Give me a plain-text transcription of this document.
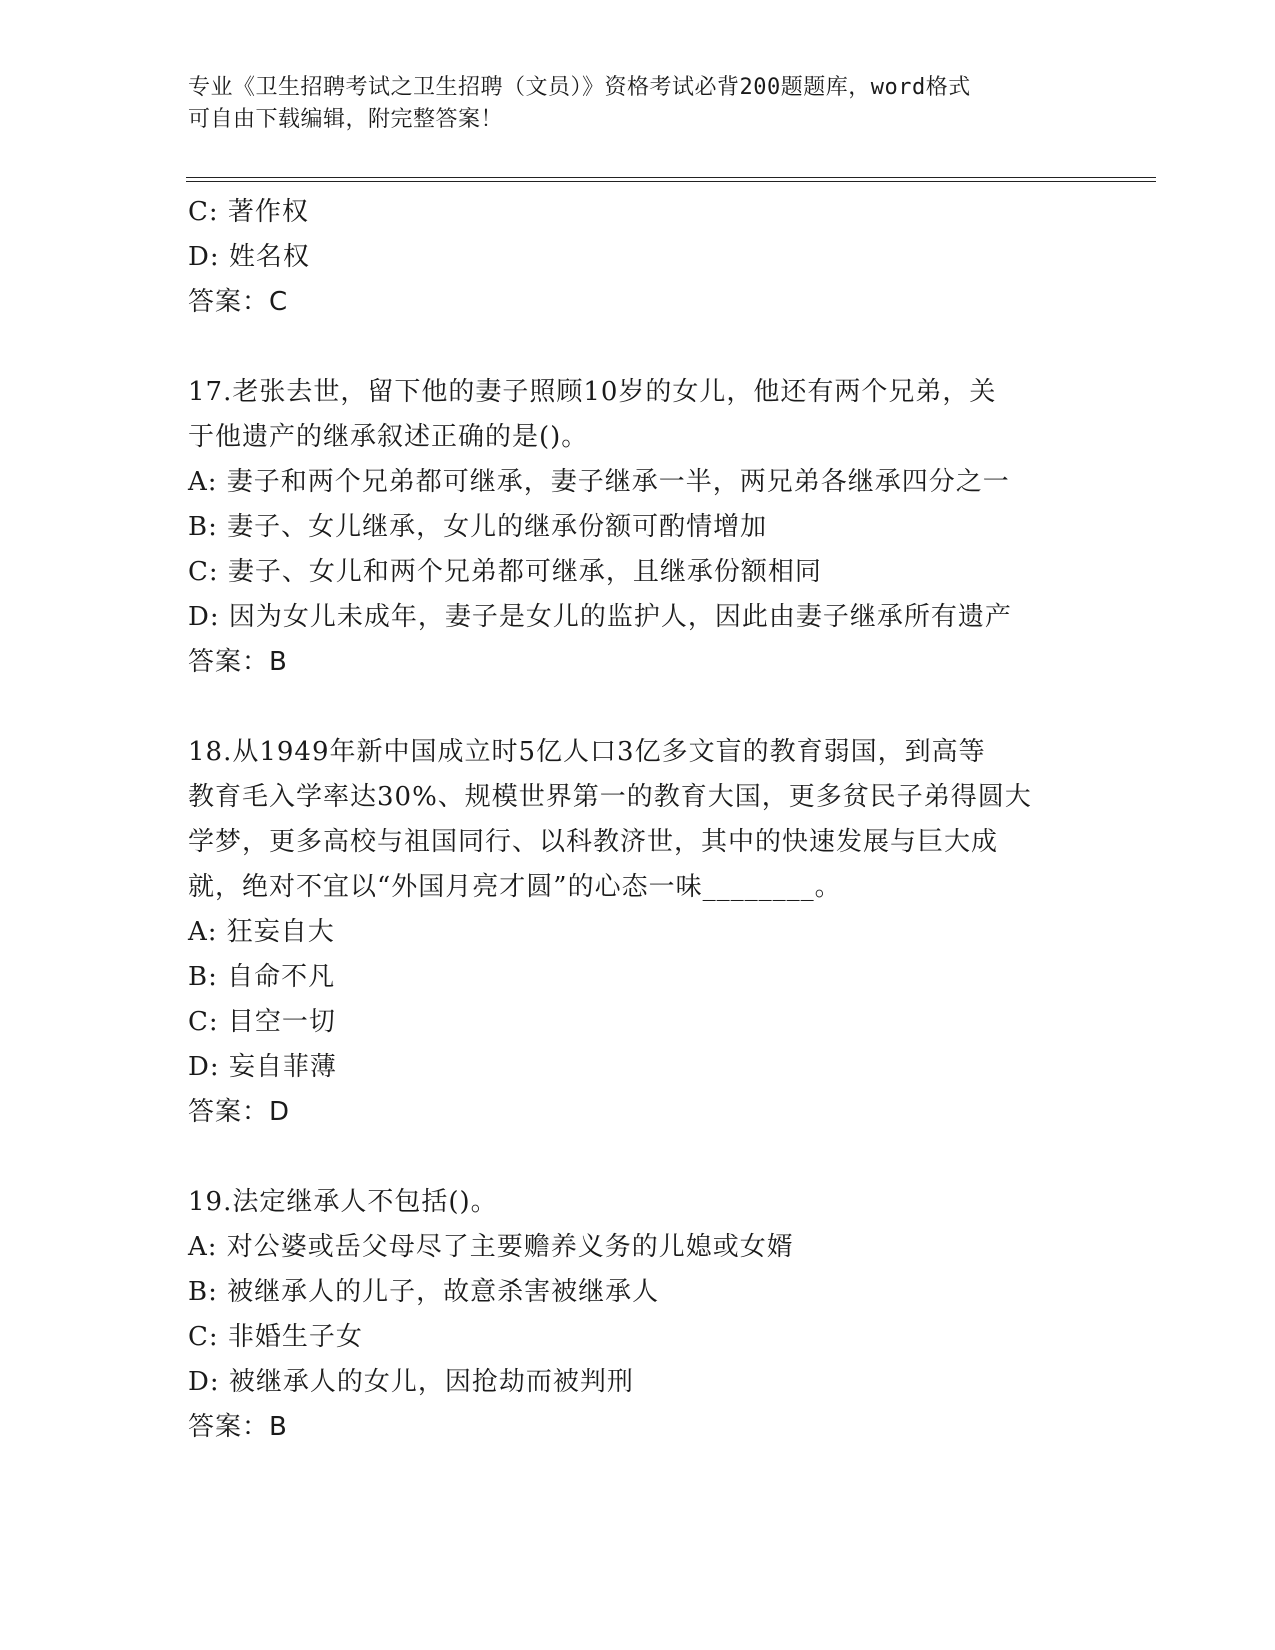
专业《卫生招聘考试之卫生招聘（文员）》资格考试必背200题题库，word格式
可自由下载编辑，附完整答案！
C: 著作权
D: 姓名权
答案：C
17.老张去世，留下他的妻子照顾10岁的女儿，他还有两个兄弟，关
于他遗产的继承叙述正确的是()。
A: 妻子和两个兄弟都可继承，妻子继承一半，两兄弟各继承四分之一
B: 妻子、女儿继承，女儿的继承份额可酌情增加
C: 妻子、女儿和两个兄弟都可继承，且继承份额相同
D: 因为女儿未成年，妻子是女儿的监护人，因此由妻子继承所有遗产
答案：B
18.从1949年新中国成立时5亿人口3亿多文盲的教育弱国，到高等
教育毛入学率达30%、规模世界第一的教育大国，更多贫民子弟得圆大
学梦，更多高校与祖国同行、以科教济世，其中的快速发展与巨大成
就，绝对不宜以“外国月亮才圆”的心态一味________。
A: 狂妄自大
B: 自命不凡
C: 目空一切
D: 妄自菲薄
答案：D
19.法定继承人不包括()。
A: 对公婆或岳父母尽了主要赡养义务的儿媳或女婿
B: 被继承人的儿子，故意杀害被继承人
C: 非婚生子女
D: 被继承人的女儿，因抢劫而被判刑
答案：B
